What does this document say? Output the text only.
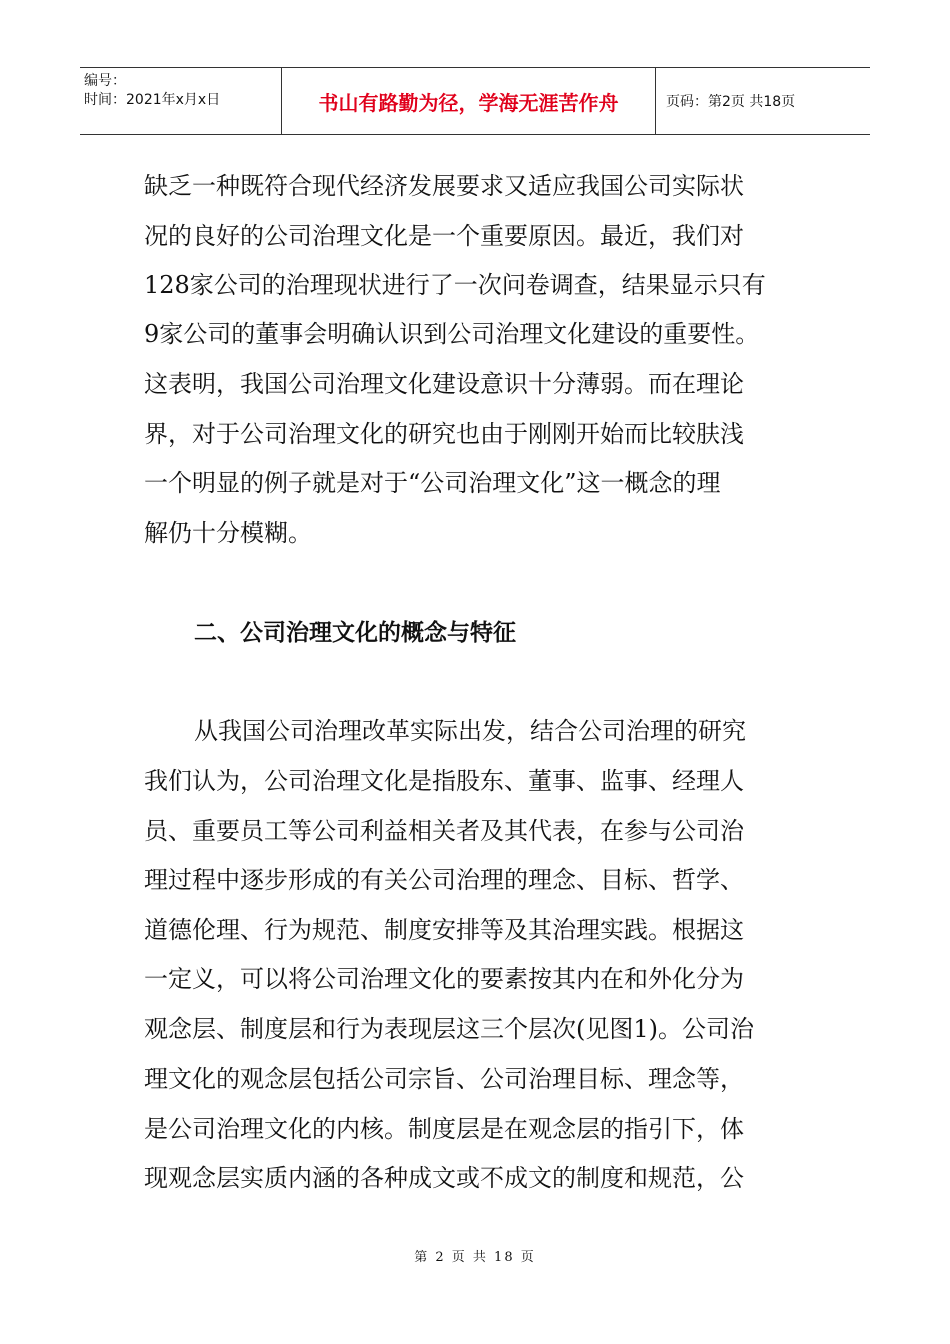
编号：
时间：2021年x月x日	书山有路勤为径，学海无涯苦作舟	页码：第2页 共18页
缺乏一种既符合现代经济发展要求又适应我国公司实际状
况的良好的公司治理文化是一个重要原因。最近，我们对
128家公司的治理现状进行了一次问卷调查，结果显示只有
9家公司的董事会明确认识到公司治理文化建设的重要性。
这表明，我国公司治理文化建设意识十分薄弱。而在理论
界，对于公司治理文化的研究也由于刚刚开始而比较肤浅
一个明显的例子就是对于“公司治理文化”这一概念的理
解仍十分模糊。
二、公司治理文化的概念与特征
从我国公司治理改革实际出发，结合公司治理的研究
我们认为，公司治理文化是指股东、董事、监事、经理人
员、重要员工等公司利益相关者及其代表，在参与公司治
理过程中逐步形成的有关公司治理的理念、目标、哲学、
道德伦理、行为规范、制度安排等及其治理实践。根据这
一定义，可以将公司治理文化的要素按其内在和外化分为
观念层、制度层和行为表现层这三个层次(见图1)。公司治
理文化的观念层包括公司宗旨、公司治理目标、理念等，
是公司治理文化的内核。制度层是在观念层的指引下，体
现观念层实质内涵的各种成文或不成文的制度和规范，公
第 2 页 共 18 页
